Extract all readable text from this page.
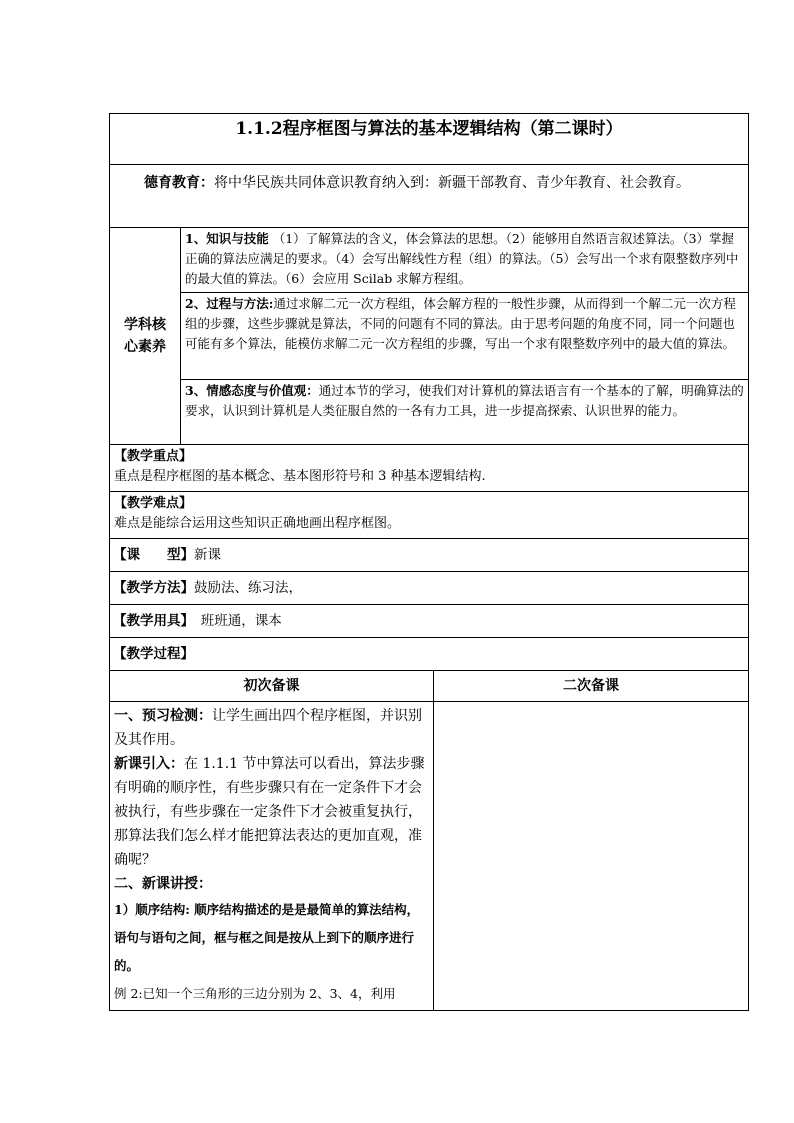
1.1.2程序框图与算法的基本逻辑结构（第二课时）		
德育教育：将中华民族共同体意识教育纳入到：新疆干部教育、青少年教育、社会教育。		
学科核
心素养	1、知识与技能 （1）了解算法的含义，体会算法的思想。（2）能够用自然语言叙述算法。（3）掌握正确的算法应满足的要求。（4）会写出解线性方程（组）的算法。（5）会写出一个求有限整数序列中的最大值的算法。（6）会应用 Scilab 求解方程组。	
	2、过程与方法:通过求解二元一次方程组，体会解方程的一般性步骤，从而得到一个解二元一次方程组的步骤，这些步骤就是算法，不同的问题有不同的算法。由于思考问题的角度不同，同一个问题也可能有多个算法，能模仿求解二元一次方程组的步骤，写出一个求有限整数序列中的最大值的算法。	
	3、情感态度与价值观：通过本节的学习，使我们对计算机的算法语言有一个基本的了解，明确算法的要求，认识到计算机是人类征服自然的一各有力工具，进一步提高探索、认识世界的能力。	
【教学重点】
重点是程序框图的基本概念、基本图形符号和 3 种基本逻辑结构.		
【教学难点】
难点是能综合运用这些知识正确地画出程序框图。		
【课　　型】新课		
【教学方法】鼓励法、练习法，		
【教学用具】　班班通，课本		
【教学过程】		
初次备课		二次备课

一、预习检测：让学生画出四个程序框图，并识别及其作用。
新课引入：在 1.1.1 节中算法可以看出，算法步骤有明确的顺序性，有些步骤只有在一定条件下才会被执行，有些步骤在一定条件下才会被重复执行，那算法我们怎么样才能把算法表达的更加直观，准确呢？
二、新课讲授：
1）顺序结构: 顺序结构描述的是是最简单的算法结构，语句与语句之间，框与框之间是按从上到下的顺序进行的。
例 2:已知一个三角形的三边分别为 2、3、4，利用		
